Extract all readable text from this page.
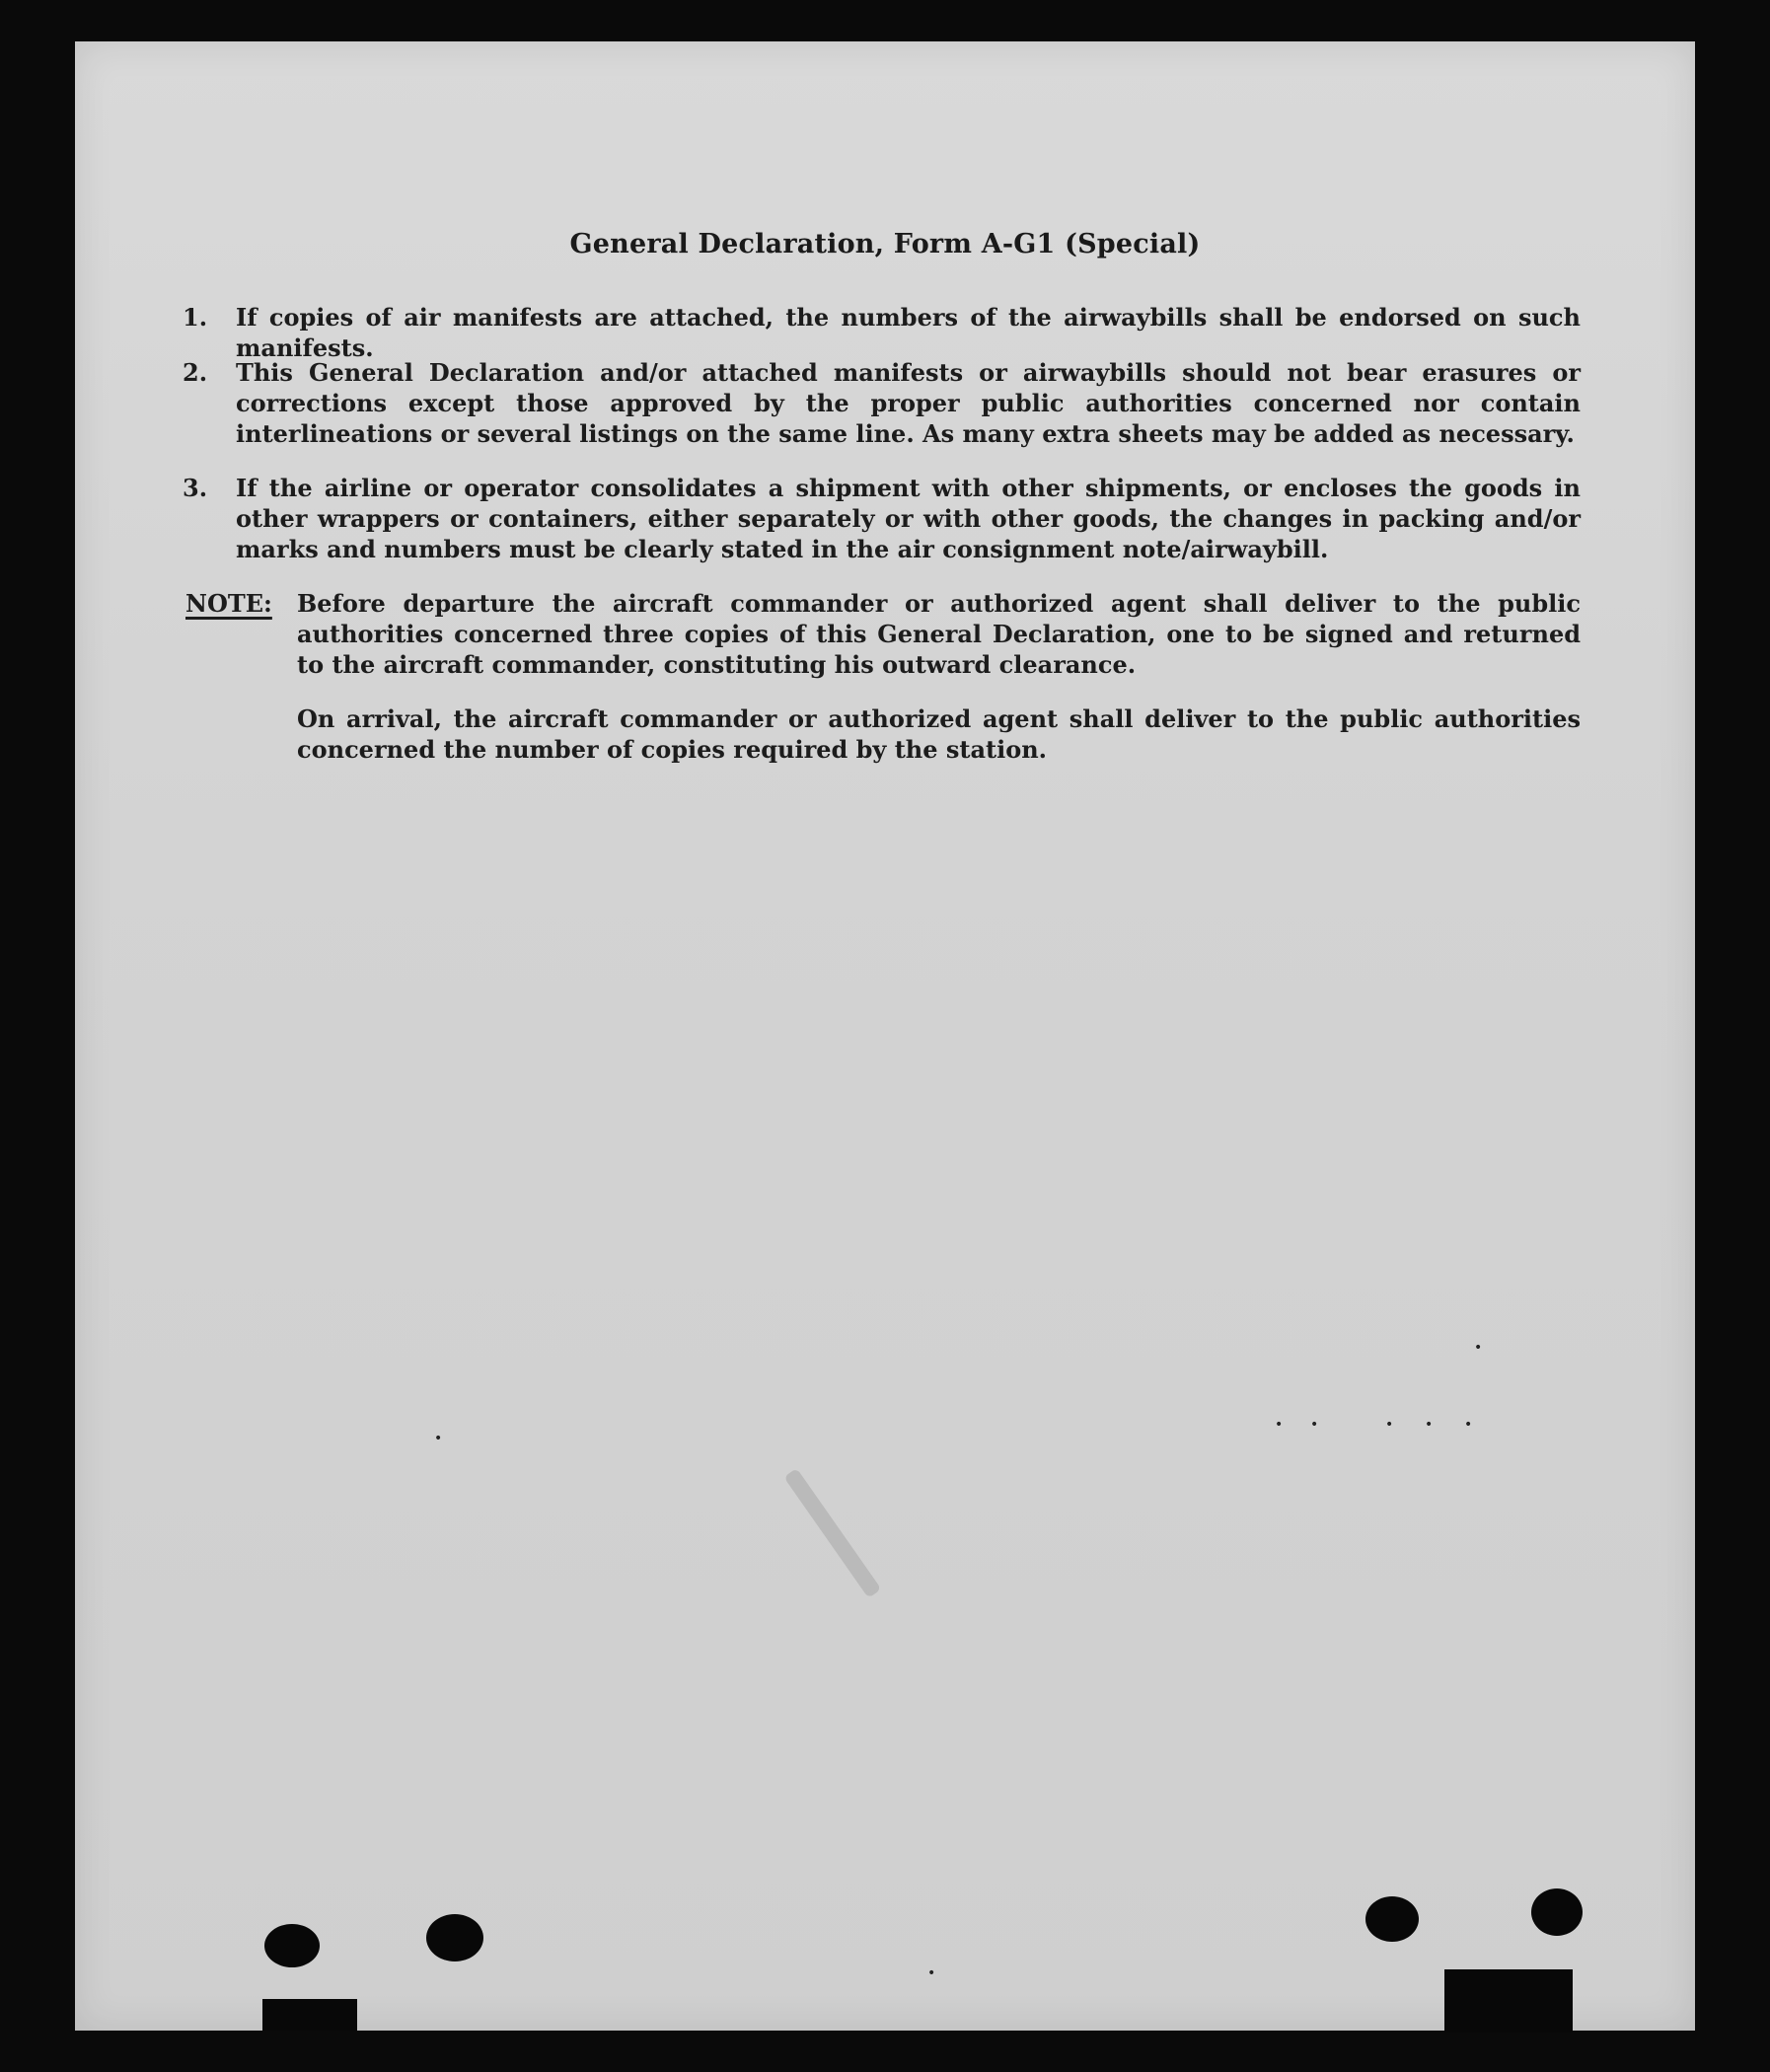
General Declaration, Form A-G1 (Special)
1.	If copies of air manifests are attached, the numbers of the airwaybills shall be endorsed on such manifests.
2.	This General Declaration and/or attached manifests or airwaybills should not bear erasures or corrections except those approved by the proper public authorities concerned nor contain interlineations or several listings on the same line. As many extra sheets may be added as necessary.
3.	If the airline or operator consolidates a shipment with other shipments, or encloses the goods in other wrappers or containers, either separately or with other goods, the changes in packing and/or marks and numbers must be clearly stated in the air consignment note/airwaybill.
NOTE: Before departure the aircraft commander or authorized agent shall deliver to the public authorities concerned three copies of this General Declaration, one to be signed and returned to the aircraft commander, constituting his outward clearance.
On arrival, the aircraft commander or authorized agent shall deliver to the public authorities concerned the number of copies required by the station.
•
• •	• • •
•
•
